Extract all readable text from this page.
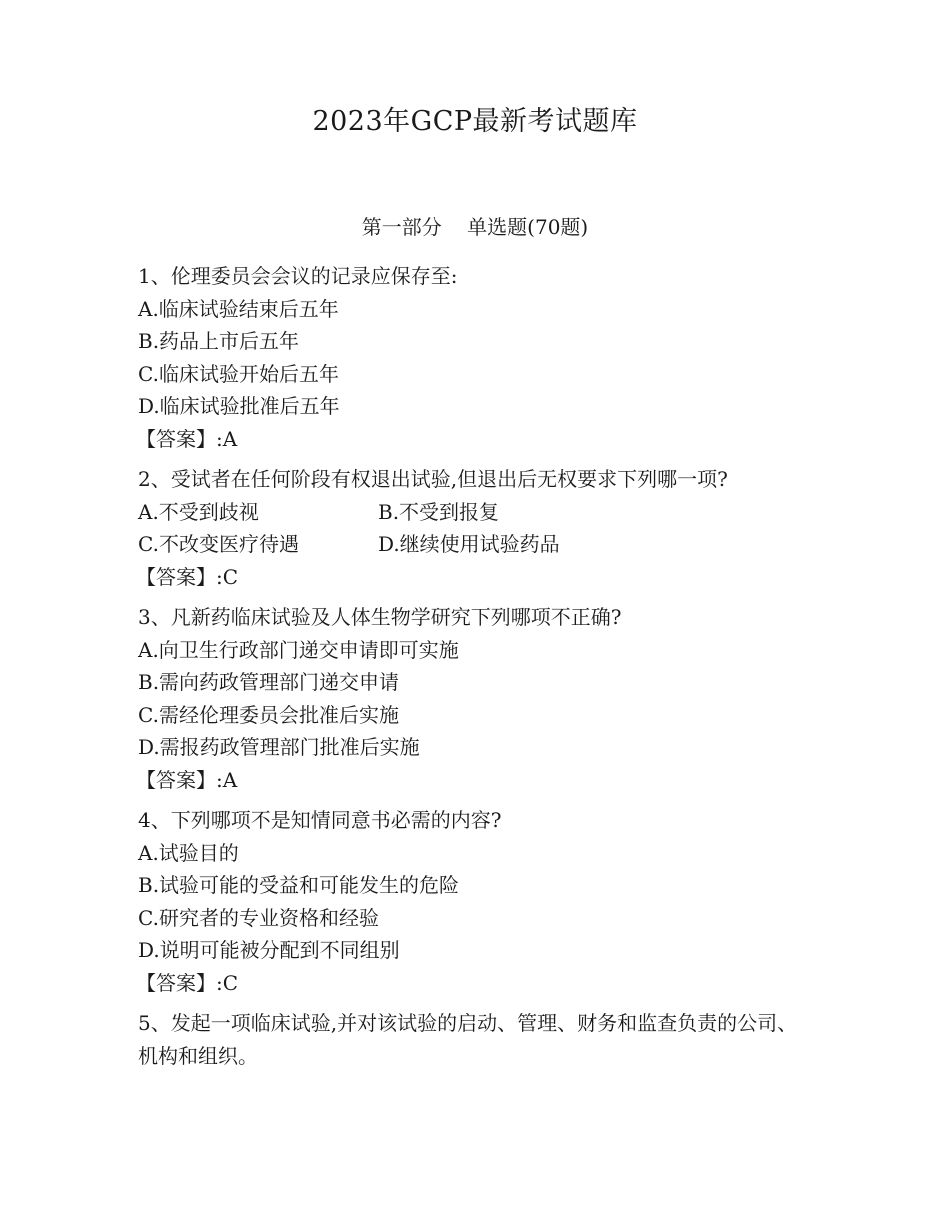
2023年GCP最新考试题库
第一部分    单选题(70题)
1、伦理委员会会议的记录应保存至:
A.临床试验结束后五年
B.药品上市后五年
C.临床试验开始后五年
D.临床试验批准后五年
【答案】:A
2、受试者在任何阶段有权退出试验,但退出后无权要求下列哪一项?
A.不受到歧视	B.不受到报复
C.不改变医疗待遇	D.继续使用试验药品
【答案】:C
3、凡新药临床试验及人体生物学研究下列哪项不正确?
A.向卫生行政部门递交申请即可实施
B.需向药政管理部门递交申请
C.需经伦理委员会批准后实施
D.需报药政管理部门批准后实施
【答案】:A
4、下列哪项不是知情同意书必需的内容?
A.试验目的
B.试验可能的受益和可能发生的危险
C.研究者的专业资格和经验
D.说明可能被分配到不同组别
【答案】:C
5、发起一项临床试验,并对该试验的启动、管理、财务和监查负责的公司、机构和组织。
